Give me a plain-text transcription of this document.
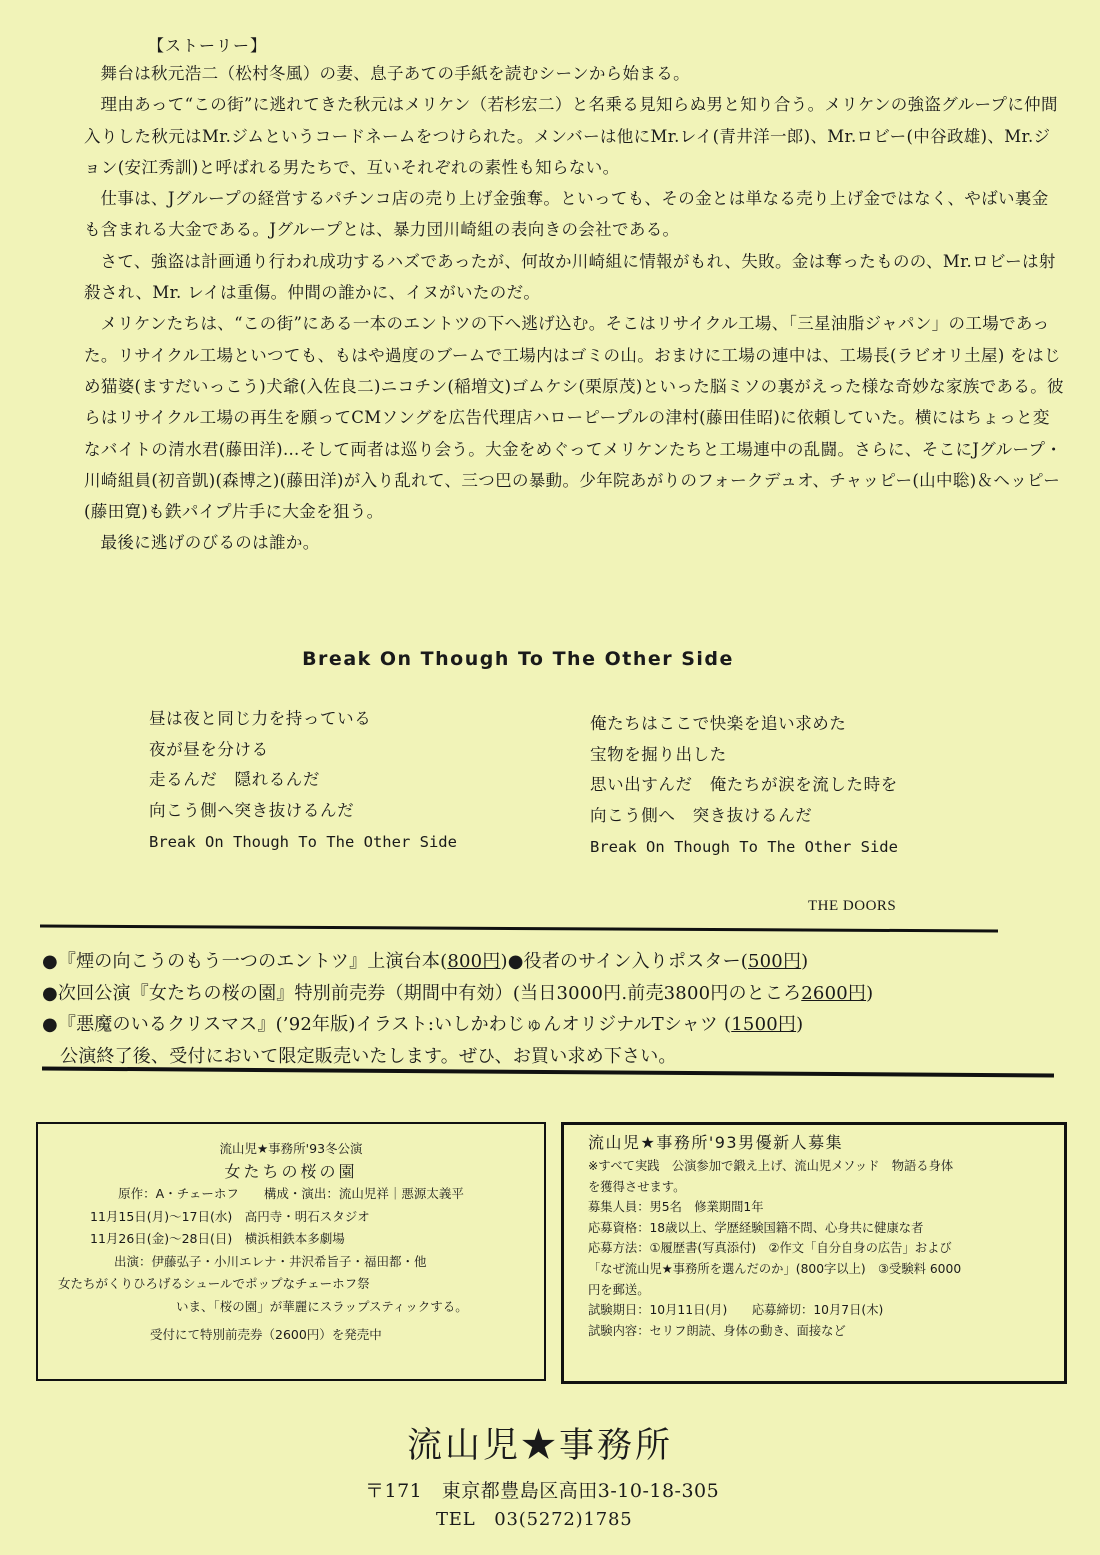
【ストーリー】

舞台は秋元浩二（松村冬風）の妻、息子あての手紙を読むシーンから始まる。

理由あって“この街”に逃れてきた秋元はメリケン（若杉宏二）と名乗る見知らぬ男と知り合う。メリケンの強盗グループに仲間入りした秋元はMr.ジムというコードネームをつけられた。メンバーは他にMr.レイ(青井洋一郎)、Mr.ロビー(中谷政雄)、Mr.ジョン(安江秀訓)と呼ばれる男たちで、互いそれぞれの素性も知らない。

仕事は、Jグループの経営するパチンコ店の売り上げ金強奪。といっても、その金とは単なる売り上げ金ではなく、やばい裏金も含まれる大金である。Jグループとは、暴力団川崎組の表向きの会社である。

さて、強盗は計画通り行われ成功するハズであったが、何故か川崎組に情報がもれ、失敗。金は奪ったものの、Mr.ロビーは射殺され、Mr. レイは重傷。仲間の誰かに、イヌがいたのだ。

メリケンたちは、“この街”にある一本のエントツの下へ逃げ込む。そこはリサイクル工場、「三星油脂ジャパン」の工場であった。リサイクル工場といつても、もはや過度のブームで工場内はゴミの山。おまけに工場の連中は、工場長(ラビオリ土屋) をはじめ猫婆(ますだいっこう)犬爺(入佐良二)ニコチン(稲増文)ゴムケシ(栗原茂)といった脳ミソの裏がえった様な奇妙な家族である。彼らはリサイクル工場の再生を願ってCMソングを広告代理店ハローピープルの津村(藤田佳昭)に依頼していた。横にはちょっと変なバイトの清水君(藤田洋)…そして両者は巡り会う。大金をめぐってメリケンたちと工場連中の乱闘。さらに、そこにJグループ・川崎組員(初音凱)(森博之)(藤田洋)が入り乱れて、三つ巴の暴動。少年院あがりのフォークデュオ、チャッピー(山中聡)＆ヘッピー(藤田寛)も鉄パイプ片手に大金を狙う。

最後に逃げのびるのは誰か。

Break On Though To The Other Side
昼は夜と同じ力を持っている
夜が昼を分ける
走るんだ　隠れるんだ
向こう側へ突き抜けるんだ
Break On Though To The Other Side
俺たちはここで快楽を追い求めた
宝物を掘り出した
思い出すんだ　俺たちが涙を流した時を
向こう側へ　突き抜けるんだ
Break On Though To The Other Side
THE DOORS
●『煙の向こうのもう一つのエントツ』上演台本(800円)●役者のサイン入りポスター(500円)
●次回公演『女たちの桜の園』特別前売券（期間中有効）(当日3000円.前売3800円のところ2600円)
●『悪魔のいるクリスマス』(’92年版)イラスト:いしかわじゅんオリジナルTシャツ (1500円)
公演終了後、受付において限定販売いたします。ぜひ、お買い求め下さい。
流山児★事務所'93冬公演
女たちの桜の園
原作：A・チェーホフ　　構成・演出：流山児祥｜悪源太義平
11月15日(月)〜17日(水)　高円寺・明石スタジオ
11月26日(金)〜28日(日)　横浜相鉄本多劇場
出演：伊藤弘子・小川エレナ・井沢希旨子・福田都・他
女たちがくりひろげるシュールでポップなチェーホフ祭
いま、「桜の園」が華麗にスラップスティックする。
受付にて特別前売券（2600円）を発売中
流山児★事務所'93男優新人募集
※すべて実践　公演参加で鍛え上げ、流山児メソッド　物語る身体
を獲得させます。
募集人員：男5名　修業期間1年
応募資格：18歳以上、学歴経験国籍不問、心身共に健康な者
応募方法：①履歴書(写真添付)　②作文「自分自身の広告」および
「なぜ流山児★事務所を選んだのか」(800字以上)　③受験料 6000
円を郵送。
試験期日：10月11日(月)　　応募締切：10月7日(木)
試験内容：セリフ朗読、身体の動き、面接など
流山児★事務所
〒171　東京都豊島区高田3-10-18-305
TEL　03(5272)1785
